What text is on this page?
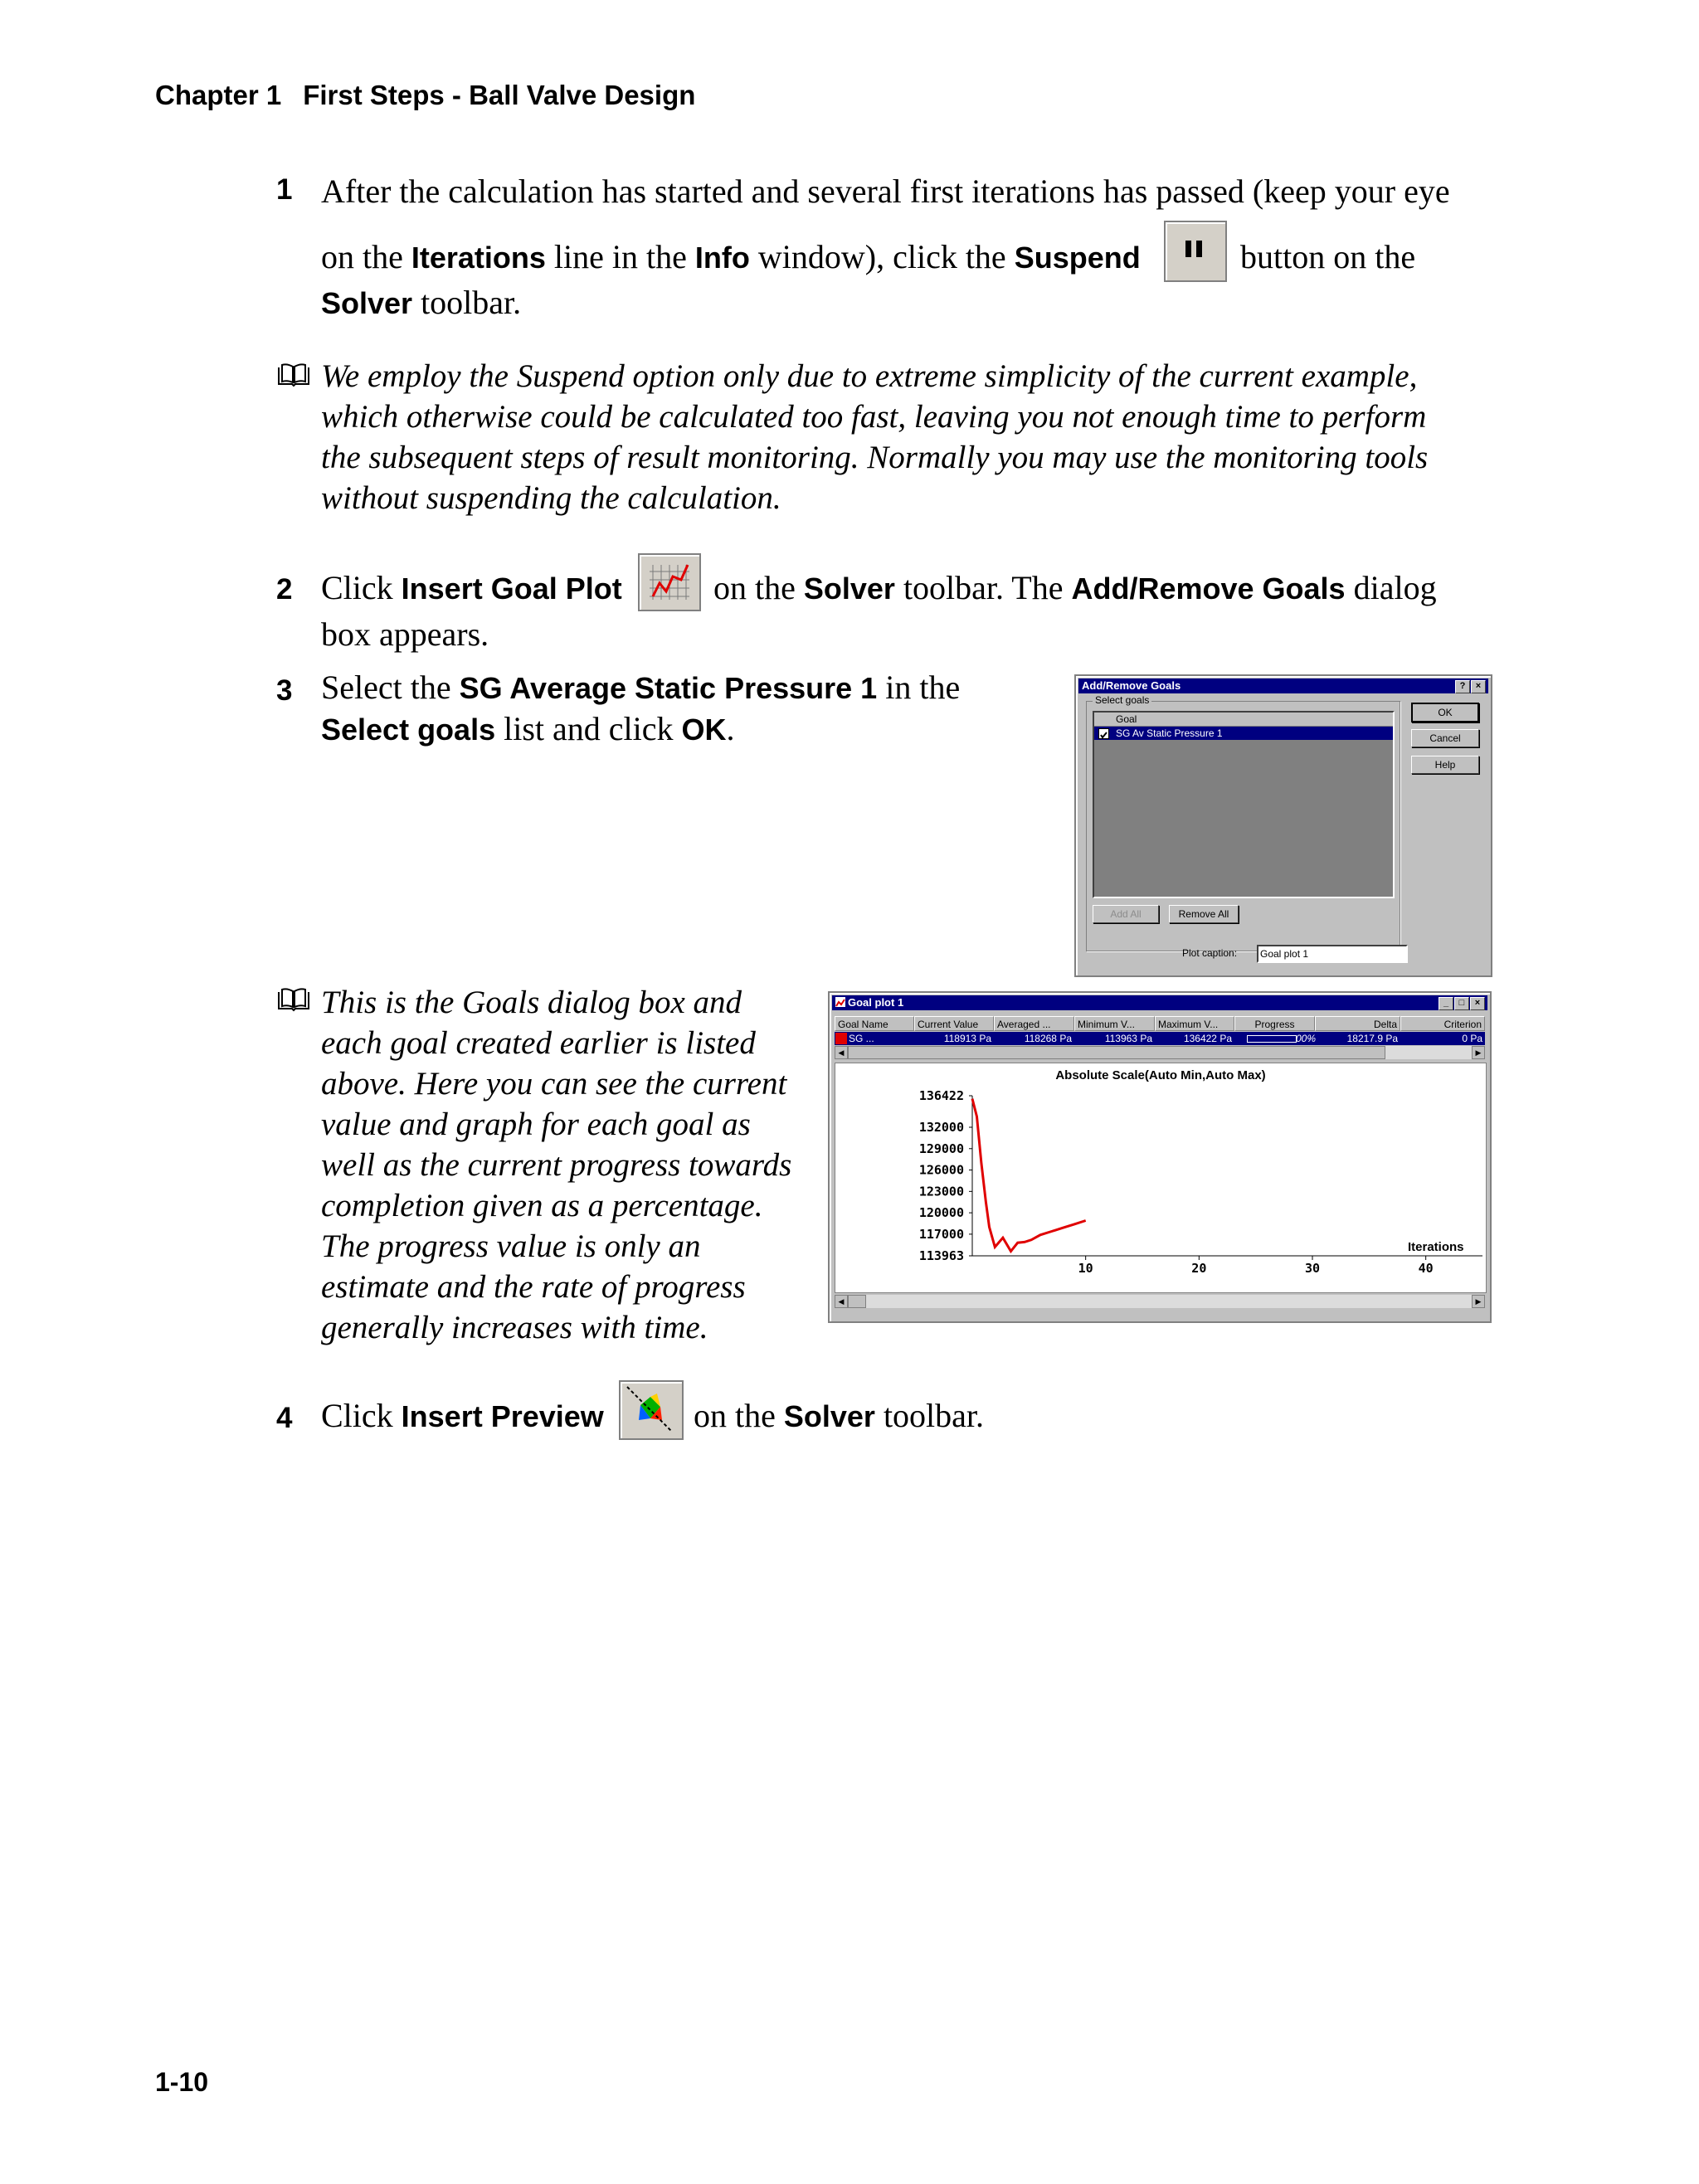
Chapter 1 First Steps - Ball Valve Design
1 After the calculation has started and several first iterations has passed (keep your eye
on the Iterations line in the Info window), click the Suspend	button on the
Solver toolbar.
We employ the Suspend option only due to extreme simplicity of the current example,
which otherwise could be calculated too fast, leaving you not enough time to perform
the subsequent steps of result monitoring. Normally you may use the monitoring tools
without suspending the calculation.
2 Click Insert Goal Plot	on the Solver toolbar. The Add/Remove Goals dialog
box appears.
3 Select the SG Average Static Pressure 1 in the
Select goals list and click OK.
Add/Remove Goals	?	×
Select goals
Goal
SG Av Static Pressure 1
Add All	Remove All
OK
Cancel
Help
Plot caption:	Goal plot 1
This is the Goals dialog box and
each goal created earlier is listed
above. Here you can see the current
value and graph for each goal as
well as the current progress towards
completion given as a percentage.
The progress value is only an
estimate and the rate of progress
generally increases with time.
Goal plot 1	_	□	×
Goal Name	Current Value	Averaged ...	Minimum V...	Maximum V...	Progress	Delta	Criterion
SG ...	118913 Pa	118268 Pa	113963 Pa	136422 Pa	00%	18217.9 Pa	0 Pa
◀	▶
Absolute Scale(Auto Min,Auto Max)
136422
132000
129000
126000
123000
120000
117000
113963
10	20	30	40
Iterations
◀	▶
4 Click Insert Preview	on the Solver toolbar.
1-10
